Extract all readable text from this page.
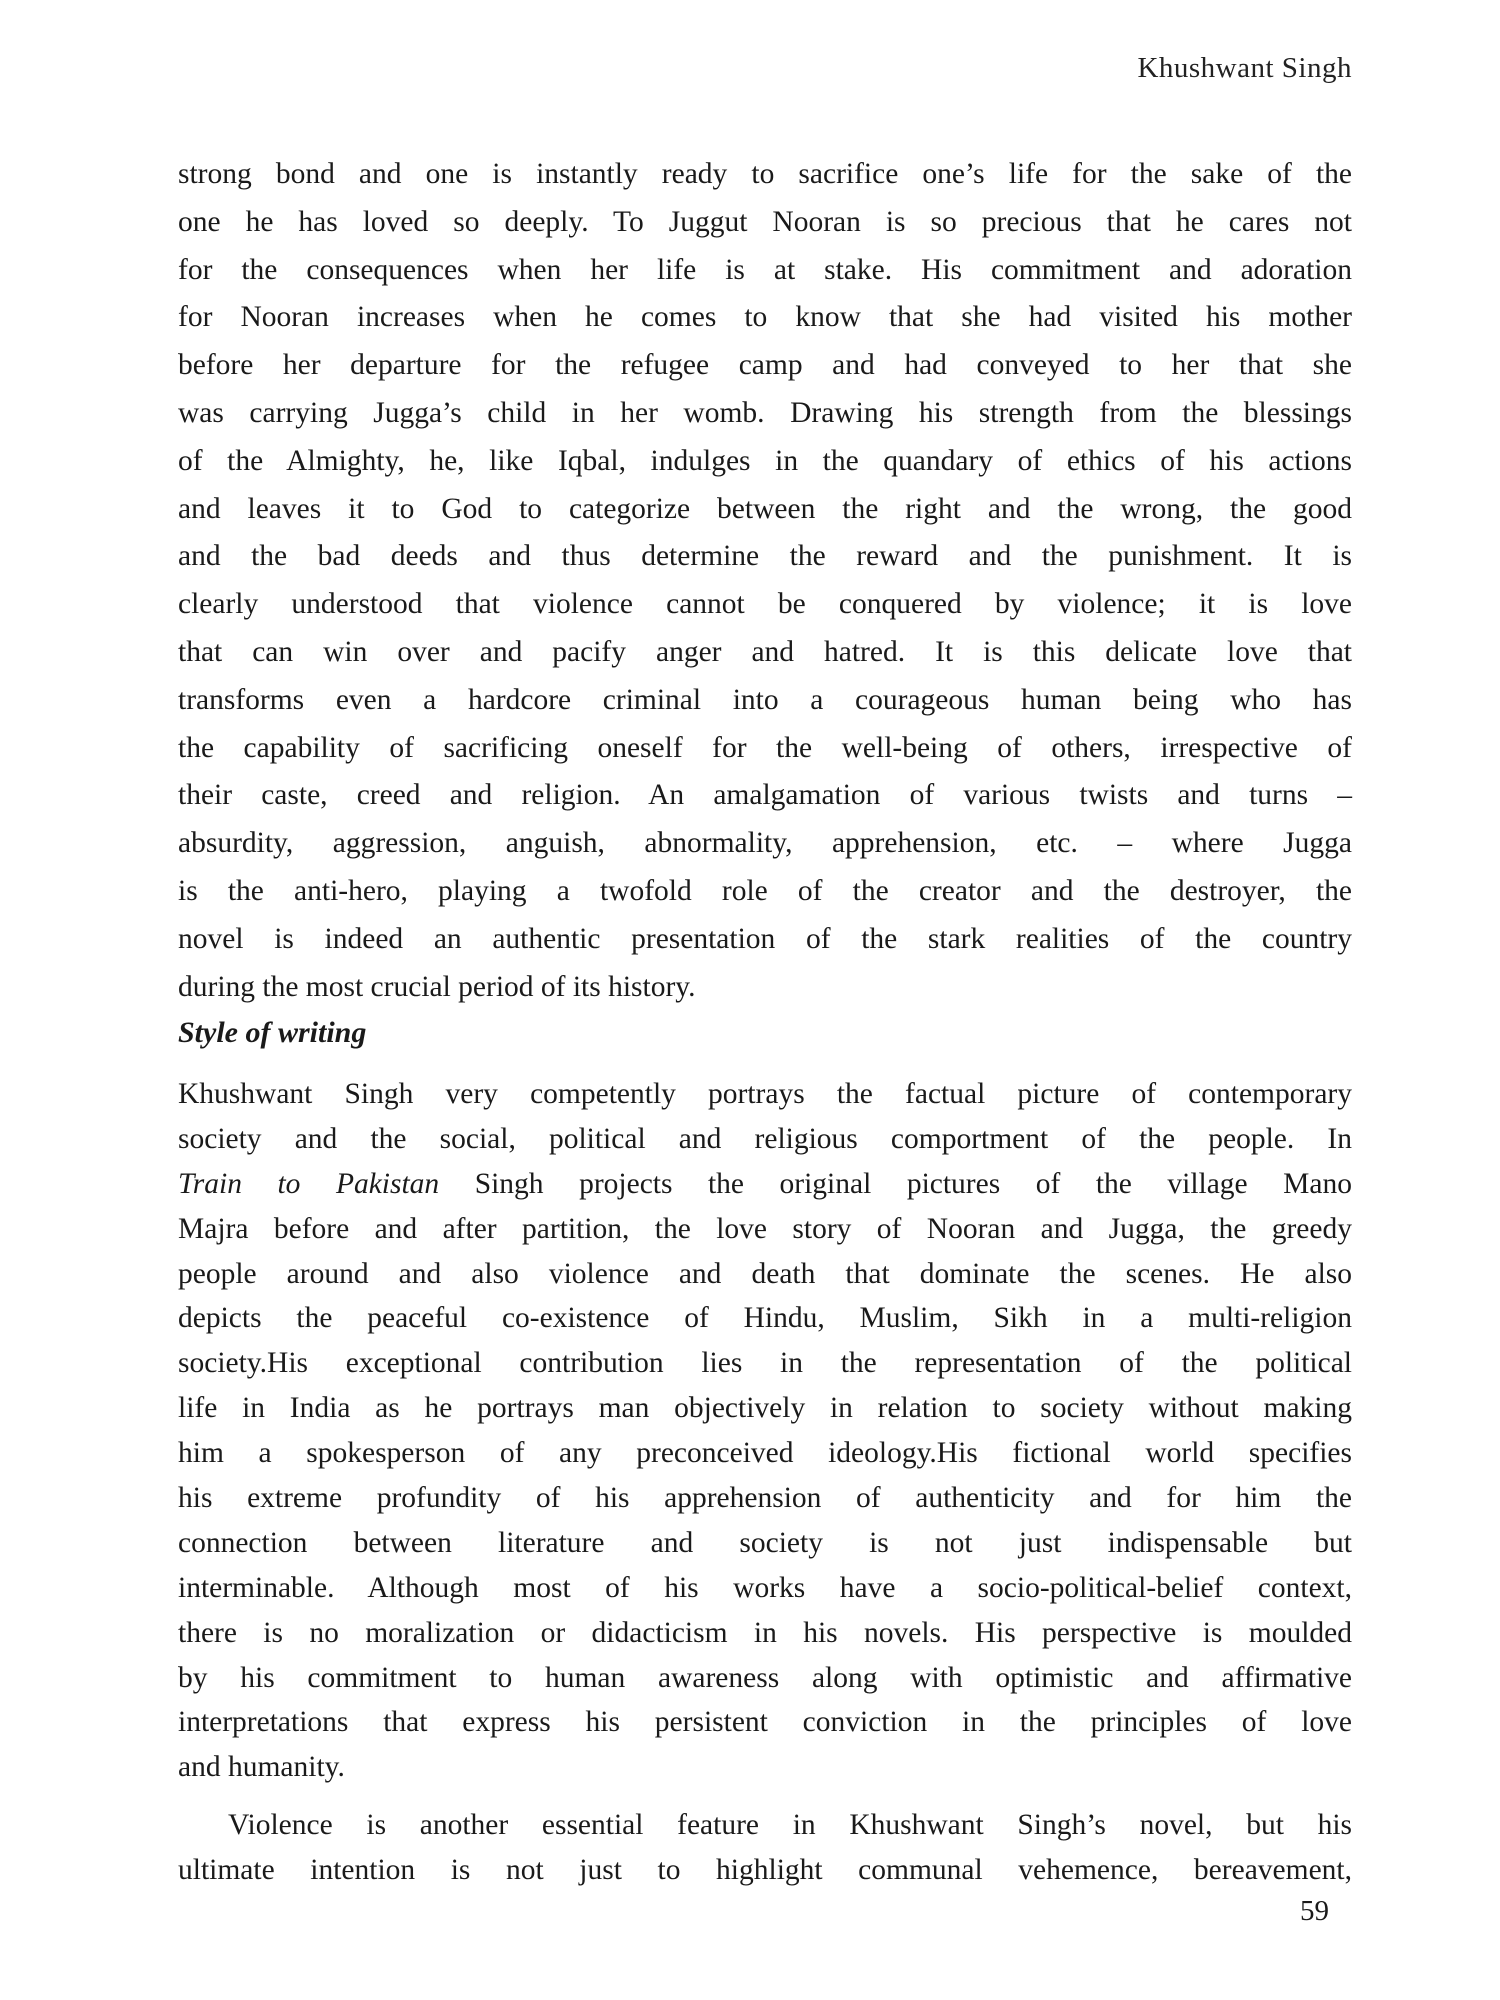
Khushwant Singh
strong bond and one is instantly ready to sacrifice one’s life for the sake of the
one he has loved so deeply. To Juggut Nooran is so precious that he cares not
for the consequences when her life is at stake. His commitment and adoration
for Nooran increases when he comes to know that she had visited his mother
before her departure for the refugee camp and had conveyed to her that she
was carrying Jugga’s child in her womb. Drawing his strength from the blessings
of the Almighty, he, like Iqbal, indulges in the quandary of ethics of his actions
and leaves it to God to categorize between the right and the wrong, the good
and the bad deeds and thus determine the reward and the punishment. It is
clearly understood that violence cannot be conquered by violence; it is love
that can win over and pacify anger and hatred. It is this delicate love that
transforms even a hardcore criminal into a courageous human being who has
the capability of sacrificing oneself for the well-being of others, irrespective of
their caste, creed and religion. An amalgamation of various twists and turns –
absurdity, aggression, anguish, abnormality, apprehension, etc. – where Jugga
is the anti-hero, playing a twofold role of the creator and the destroyer, the
novel is indeed an authentic presentation of the stark realities of the country
during the most crucial period of its history.
Style of writing
Khushwant Singh very competently portrays the factual picture of contemporary
society and the social, political and religious comportment of the people. In
Train to Pakistan Singh projects the original pictures of the village Mano
Majra before and after partition, the love story of Nooran and Jugga, the greedy
people around and also violence and death that dominate the scenes. He also
depicts the peaceful co-existence of Hindu, Muslim, Sikh in a multi-religion
society.His exceptional contribution lies in the representation of the political
life in India as he portrays man objectively in relation to society without making
him a spokesperson of any preconceived ideology.His fictional world specifies
his extreme profundity of his apprehension of authenticity and for him the
connection between literature and society is not just indispensable but
interminable. Although most of his works have a socio-political-belief context,
there is no moralization or didacticism in his novels. His perspective is moulded
by his commitment to human awareness along with optimistic and affirmative
interpretations that express his persistent conviction in the principles of love
and humanity.
Violence is another essential feature in Khushwant Singh’s novel, but his
ultimate intention is not just to highlight communal vehemence, bereavement,
59
